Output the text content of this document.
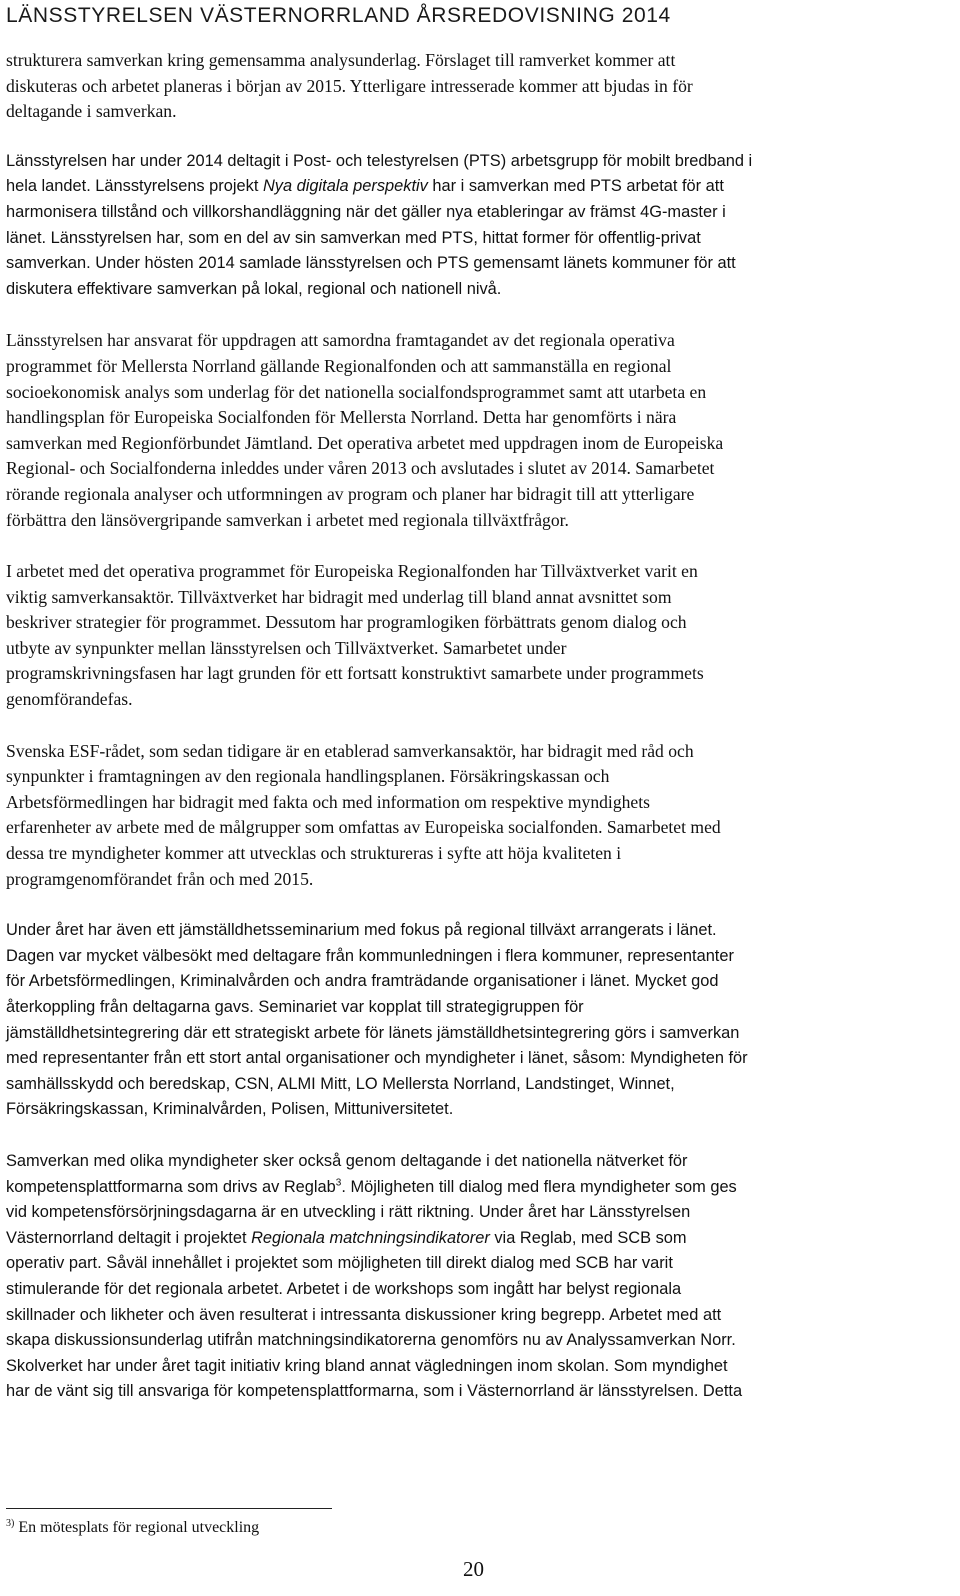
LÄNSSTYRELSEN VÄSTERNORRLAND ÅRSREDOVISNING 2014
strukturera samverkan kring gemensamma analysunderlag. Förslaget till ramverket kommer att
diskuteras och arbetet planeras i början av 2015. Ytterligare intresserade kommer att bjudas in för
deltagande i samverkan.
Länsstyrelsen har under 2014 deltagit i Post- och telestyrelsen (PTS) arbetsgrupp för mobilt bredband i
hela landet. Länsstyrelsens projekt Nya digitala perspektiv har i samverkan med PTS arbetat för att
harmonisera tillstånd och villkorshandläggning när det gäller nya etableringar av främst 4G-master i
länet. Länsstyrelsen har, som en del av sin samverkan med PTS, hittat former för offentlig-privat
samverkan. Under hösten 2014 samlade länsstyrelsen och PTS gemensamt länets kommuner för att
diskutera effektivare samverkan på lokal, regional och nationell nivå.
Länsstyrelsen har ansvarat för uppdragen att samordna framtagandet av det regionala operativa
programmet för Mellersta Norrland gällande Regionalfonden och att sammanställa en regional
socioekonomisk analys som underlag för det nationella socialfondsprogrammet samt att utarbeta en
handlingsplan för Europeiska Socialfonden för Mellersta Norrland. Detta har genomförts i nära
samverkan med Regionförbundet Jämtland. Det operativa arbetet med uppdragen inom de Europeiska
Regional- och Socialfonderna inleddes under våren 2013 och avslutades i slutet av 2014. Samarbetet
rörande regionala analyser och utformningen av program och planer har bidragit till att ytterligare
förbättra den länsövergripande samverkan i arbetet med regionala tillväxtfrågor.
I arbetet med det operativa programmet för Europeiska Regionalfonden har Tillväxtverket varit en
viktig samverkansaktör. Tillväxtverket har bidragit med underlag till bland annat avsnittet som
beskriver strategier för programmet. Dessutom har programlogiken förbättrats genom dialog och
utbyte av synpunkter mellan länsstyrelsen och Tillväxtverket. Samarbetet under
programskrivningsfasen har lagt grunden för ett fortsatt konstruktivt samarbete under programmets
genomförandefas.
Svenska ESF-rådet, som sedan tidigare är en etablerad samverkansaktör, har bidragit med råd och
synpunkter i framtagningen av den regionala handlingsplanen. Försäkringskassan och
Arbetsförmedlingen har bidragit med fakta och med information om respektive myndighets
erfarenheter av arbete med de målgrupper som omfattas av Europeiska socialfonden. Samarbetet med
dessa tre myndigheter kommer att utvecklas och struktureras i syfte att höja kvaliteten i
programgenomförandet från och med 2015.
Under året har även ett jämställdhetsseminarium med fokus på regional tillväxt arrangerats i länet.
Dagen var mycket välbesökt med deltagare från kommunledningen i flera kommuner, representanter
för Arbetsförmedlingen, Kriminalvården och andra framträdande organisationer i länet. Mycket god
återkoppling från deltagarna gavs. Seminariet var kopplat till strategigruppen för
jämställdhetsintegrering där ett strategiskt arbete för länets jämställdhetsintegrering görs i samverkan
med representanter från ett stort antal organisationer och myndigheter i länet, såsom: Myndigheten för
samhällsskydd och beredskap, CSN, ALMI Mitt, LO Mellersta Norrland, Landstinget, Winnet,
Försäkringskassan, Kriminalvården, Polisen, Mittuniversitetet.
Samverkan med olika myndigheter sker också genom deltagande i det nationella nätverket för
kompetensplattformarna som drivs av Reglab$^3$. Möjligheten till dialog med flera myndigheter som ges
vid kompetensförsörjningsdagarna är en utveckling i rätt riktning. Under året har Länsstyrelsen
Västernorrland deltagit i projektet Regionala matchningsindikatorer via Reglab, med SCB som
operativ part. Såväl innehållet i projektet som möjligheten till direkt dialog med SCB har varit
stimulerande för det regionala arbetet. Arbetet i de workshops som ingått har belyst regionala
skillnader och likheter och även resulterat i intressanta diskussioner kring begrepp. Arbetet med att
skapa diskussionsunderlag utifrån matchningsindikatorerna genomförs nu av Analyssamverkan Norr.
Skolverket har under året tagit initiativ kring bland annat vägledningen inom skolan. Som myndighet
har de vänt sig till ansvariga för kompetensplattformarna, som i Västernorrland är länsstyrelsen. Detta
$^{3)}$ En mötesplats för regional utveckling
20
